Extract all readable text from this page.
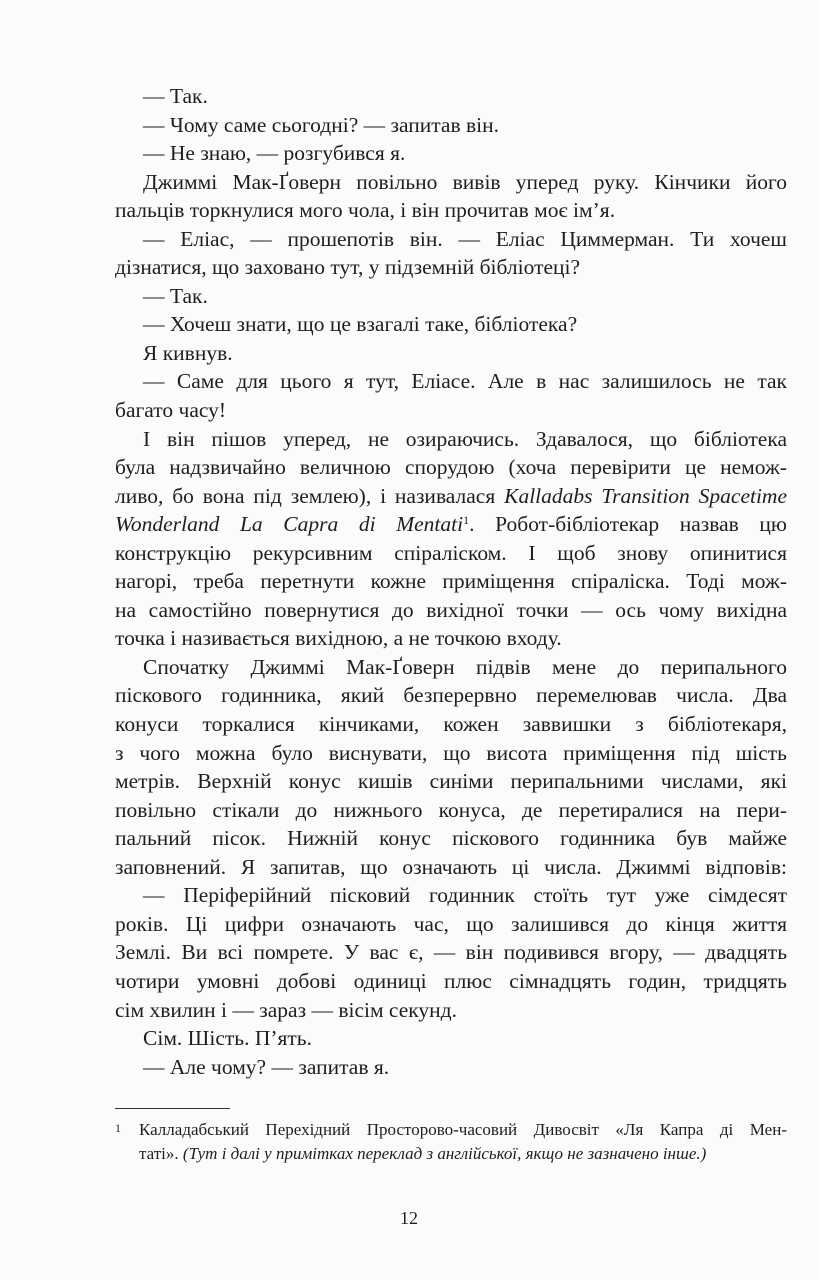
— Так.
— Чому саме сьогодні? — запитав він.
— Не знаю, — розгубився я.
Джиммі Мак-Ґоверн повільно вивів уперед руку. Кінчики його
пальців торкнулися мого чола, і він прочитав моє ім’я.
— Еліас, — прошепотів він. — Еліас Циммерман. Ти хочеш
дізнатися, що заховано тут, у підземній бібліотеці?
— Так.
— Хочеш знати, що це взагалі таке, бібліотека?
Я кивнув.
— Саме для цього я тут, Еліасе. Але в нас залишилось не так
багато часу!
І він пішов уперед, не озираючись. Здавалося, що бібліотека
була надзвичайно величною спорудою (хоча перевірити це немож-
ливо, бо вона під землею), і називалася Kalladabs Transition Spacetime
Wonderland La Capra di Mentati$^1$. Робот-бібліотекар назвав цю
конструкцію рекурсивним спіраліском. І щоб знову опинитися
нагорі, треба перетнути кожне приміщення спіраліска. Тоді мож-
на самостійно повернутися до вихідної точки — ось чому вихідна
точка і називається вихідною, а не точкою входу.
Спочатку Джиммі Мак-Ґоверн підвів мене до перипального
піскового годинника, який безперервно перемелював числа. Два
конуси торкалися кінчиками, кожен заввишки з бібліотекаря,
з чого можна було виснувати, що висота приміщення під шість
метрів. Верхній конус кишів синіми перипальними числами, які
повільно стікали до нижнього конуса, де перетиралися на пери-
пальний пісок. Нижній конус піскового годинника був майже
заповнений. Я запитав, що означають ці числа. Джиммі відповів:
— Періферійний пісковий годинник стоїть тут уже сімдесят
років. Ці цифри означають час, що залишився до кінця життя
Землі. Ви всі помрете. У вас є, — він подивився вгору, — двадцять
чотири умовні добові одиниці плюс сімнадцять годин, тридцять
сім хвилин і — зараз — вісім секунд.
Сім. Шість. П’ять.
— Але чому? — запитав я.
1	Калладабський Перехідний Просторово-часовий Дивосвіт «Ля Капра ді Мен-
таті». (Тут і далі у примітках переклад з англійської, якщо не зазначено інше.)
12
